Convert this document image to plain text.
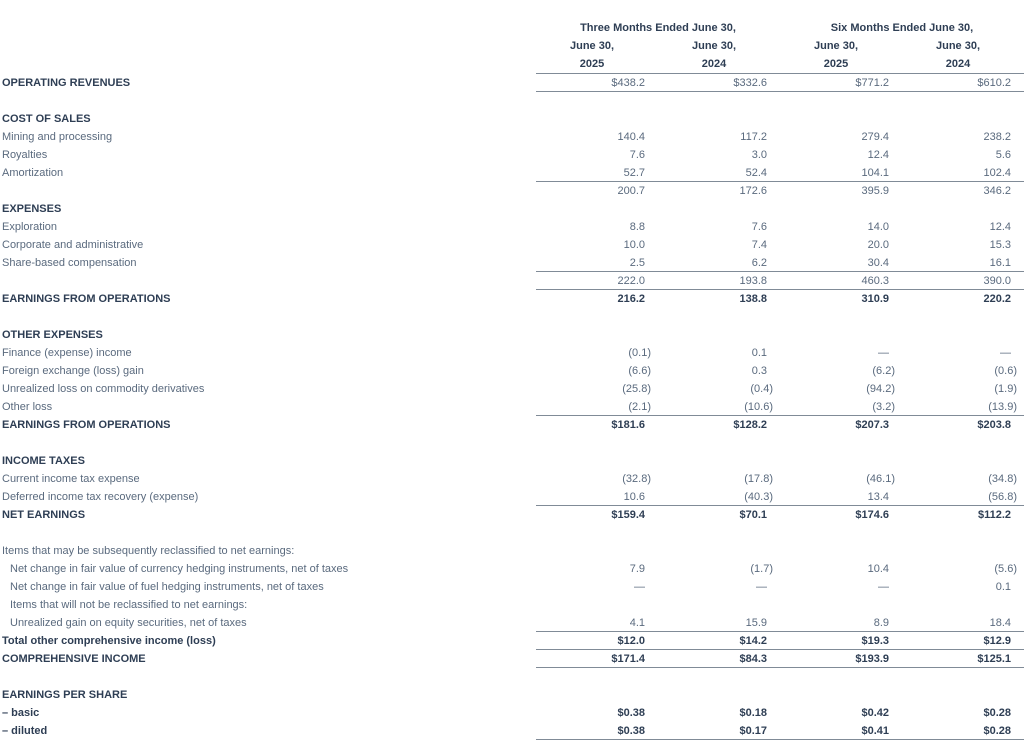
Three Months Ended June 30,	Six Months Ended June 30,
June 30,	June 30,	June 30,	June 30,
2025	2024	2025	2024
OPERATING REVENUES	$438.2	$332.6	$771.2	$610.2
COST OF SALES
Mining and processing	140.4	117.2	279.4	238.2
Royalties	7.6	3.0	12.4	5.6
Amortization	52.7	52.4	104.1	102.4
200.7	172.6	395.9	346.2
EXPENSES
Exploration	8.8	7.6	14.0	12.4
Corporate and administrative	10.0	7.4	20.0	15.3
Share-based compensation	2.5	6.2	30.4	16.1
222.0	193.8	460.3	390.0
EARNINGS FROM OPERATIONS	216.2	138.8	310.9	220.2
OTHER EXPENSES
Finance (expense) income	(0.1)	0.1	—	—
Foreign exchange (loss) gain	(6.6)	0.3	(6.2)	(0.6)
Unrealized loss on commodity derivatives	(25.8)	(0.4)	(94.2)	(1.9)
Other loss	(2.1)	(10.6)	(3.2)	(13.9)
EARNINGS FROM OPERATIONS	$181.6	$128.2	$207.3	$203.8
INCOME TAXES
Current income tax expense	(32.8)	(17.8)	(46.1)	(34.8)
Deferred income tax recovery (expense)	10.6	(40.3)	13.4	(56.8)
NET EARNINGS	$159.4	$70.1	$174.6	$112.2
Items that may be subsequently reclassified to net earnings:
Net change in fair value of currency hedging instruments, net of taxes	7.9	(1.7)	10.4	(5.6)
Net change in fair value of fuel hedging instruments, net of taxes	—	—	—	0.1
Items that will not be reclassified to net earnings:
Unrealized gain on equity securities, net of taxes	4.1	15.9	8.9	18.4
Total other comprehensive income (loss)	$12.0	$14.2	$19.3	$12.9
COMPREHENSIVE INCOME	$171.4	$84.3	$193.9	$125.1
EARNINGS PER SHARE
– basic	$0.38	$0.18	$0.42	$0.28
– diluted	$0.38	$0.17	$0.41	$0.28
